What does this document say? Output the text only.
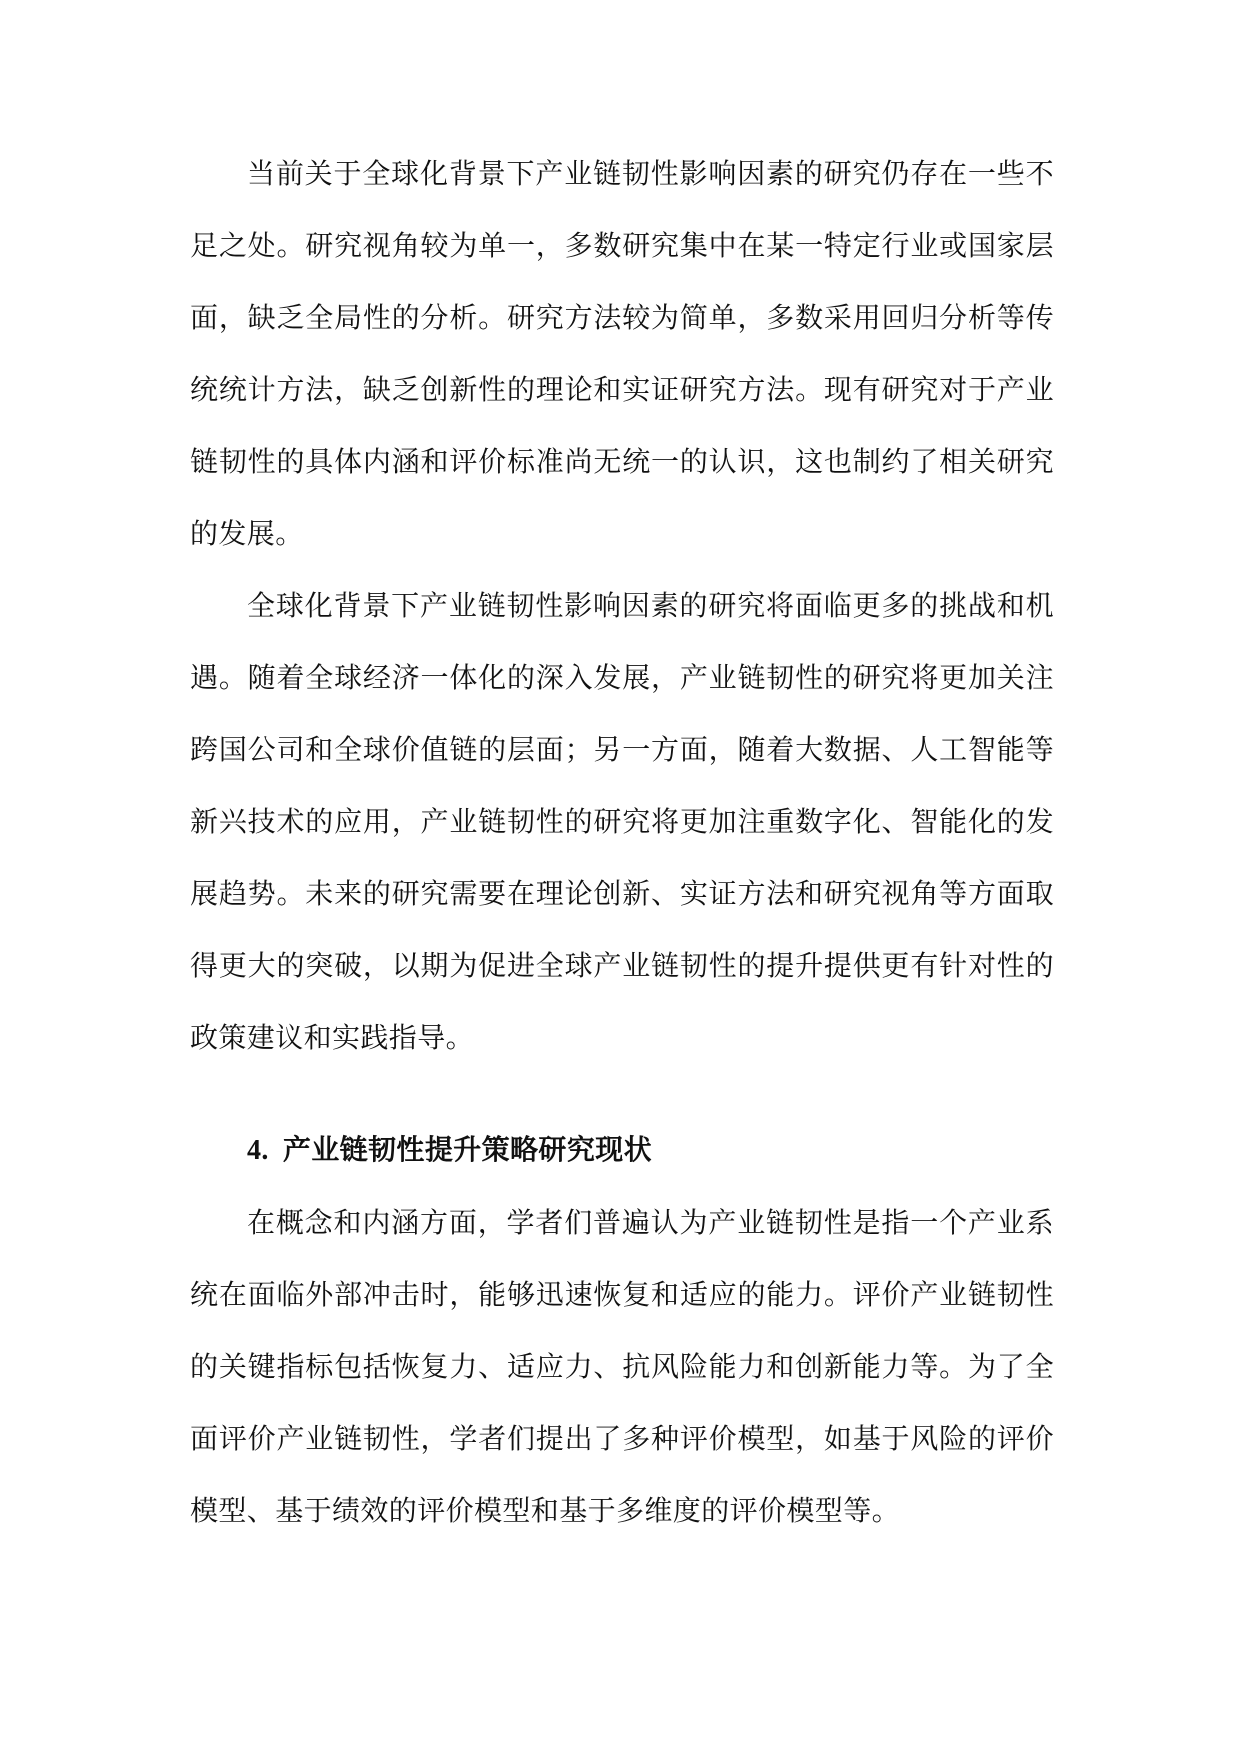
当前关于全球化背景下产业链韧性影响因素的研究仍存在一些不足之处。研究视角较为单一，多数研究集中在某一特定行业或国家层面，缺乏全局性的分析。研究方法较为简单，多数采用回归分析等传统统计方法，缺乏创新性的理论和实证研究方法。现有研究对于产业链韧性的具体内涵和评价标准尚无统一的认识，这也制约了相关研究的发展。

全球化背景下产业链韧性影响因素的研究将面临更多的挑战和机遇。随着全球经济一体化的深入发展，产业链韧性的研究将更加关注跨国公司和全球价值链的层面；另一方面，随着大数据、人工智能等新兴技术的应用，产业链韧性的研究将更加注重数字化、智能化的发展趋势。未来的研究需要在理论创新、实证方法和研究视角等方面取得更大的突破，以期为促进全球产业链韧性的提升提供更有针对性的政策建议和实践指导。

4. 产业链韧性提升策略研究现状

在概念和内涵方面，学者们普遍认为产业链韧性是指一个产业系统在面临外部冲击时，能够迅速恢复和适应的能力。评价产业链韧性的关键指标包括恢复力、适应力、抗风险能力和创新能力等。为了全面评价产业链韧性，学者们提出了多种评价模型，如基于风险的评价模型、基于绩效的评价模型和基于多维度的评价模型等。
